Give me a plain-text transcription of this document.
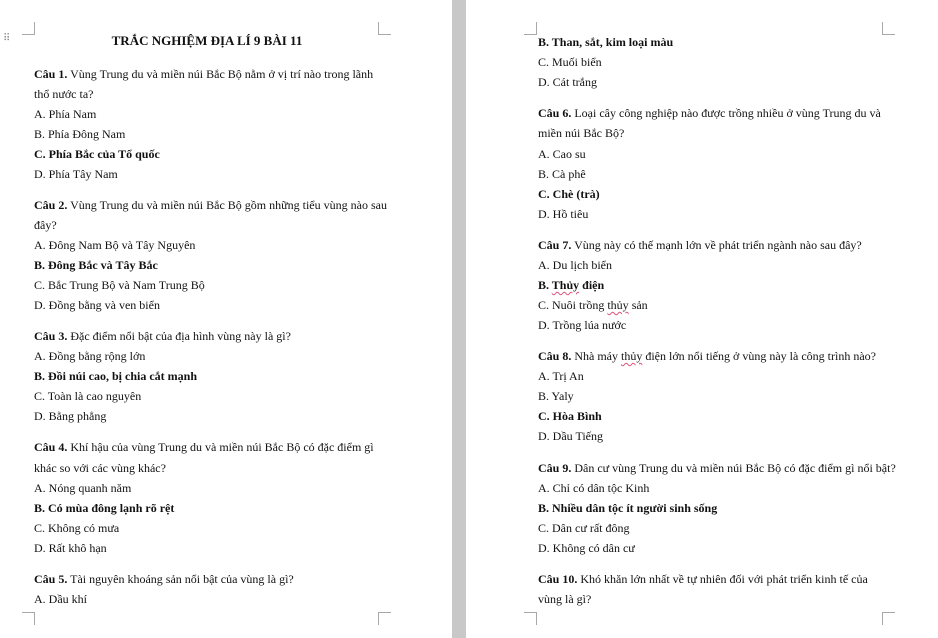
⠿	TRẮC NGHIỆM ĐỊA LÍ 9 BÀI 11
Câu 1. Vùng Trung du và miền núi Bắc Bộ nằm ở vị trí nào trong lãnh
thổ nước ta?
A. Phía Nam
B. Phía Đông Nam
C. Phía Bắc của Tổ quốc
D. Phía Tây Nam
Câu 2. Vùng Trung du và miền núi Bắc Bộ gồm những tiểu vùng nào sau
đây?
A. Đông Nam Bộ và Tây Nguyên
B. Đông Bắc và Tây Bắc
C. Bắc Trung Bộ và Nam Trung Bộ
D. Đồng bằng và ven biển
Câu 3. Đặc điểm nổi bật của địa hình vùng này là gì?
A. Đồng bằng rộng lớn
B. Đồi núi cao, bị chia cắt mạnh
C. Toàn là cao nguyên
D. Bằng phẳng
Câu 4. Khí hậu của vùng Trung du và miền núi Bắc Bộ có đặc điểm gì
khác so với các vùng khác?
A. Nóng quanh năm
B. Có mùa đông lạnh rõ rệt
C. Không có mưa
D. Rất khô hạn
Câu 5. Tài nguyên khoáng sản nổi bật của vùng là gì?
A. Dầu khí
B. Than, sắt, kim loại màu
C. Muối biển
D. Cát trắng
Câu 6. Loại cây công nghiệp nào được trồng nhiều ở vùng Trung du và
miền núi Bắc Bộ?
A. Cao su
B. Cà phê
C. Chè (trà)
D. Hồ tiêu
Câu 7. Vùng này có thế mạnh lớn về phát triển ngành nào sau đây?
A. Du lịch biển
B. Thủy điện
C. Nuôi trồng thủy sản
D. Trồng lúa nước
Câu 8. Nhà máy thủy điện lớn nổi tiếng ở vùng này là công trình nào?
A. Trị An
B. Yaly
C. Hòa Bình
D. Dầu Tiếng
Câu 9. Dân cư vùng Trung du và miền núi Bắc Bộ có đặc điểm gì nổi bật?
A. Chỉ có dân tộc Kinh
B. Nhiều dân tộc ít người sinh sống
C. Dân cư rất đông
D. Không có dân cư
Câu 10. Khó khăn lớn nhất về tự nhiên đối với phát triển kinh tế của
vùng là gì?
